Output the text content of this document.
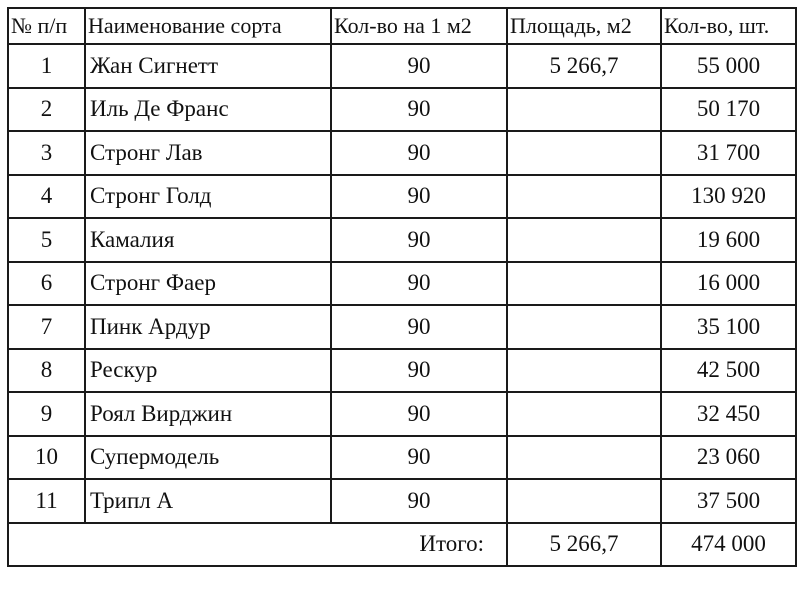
№ п/п	Наименование сорта	Кол-во на 1 м2	Площадь, м2	Кол-во, шт.
1	Жан Сигнетт	90	5 266,7	55 000
2	Иль Де Франс	90		50 170
3	Стронг Лав	90		31 700
4	Стронг Голд	90		130 920
5	Камалия	90		19 600
6	Стронг Фаер	90		16 000
7	Пинк Ардур	90		35 100
8	Рескур	90		42 500
9	Роял Вирджин	90		32 450
10	Супермодель	90		23 060
11	Трипл А	90		37 500
Итого:			5 266,7	474 000
